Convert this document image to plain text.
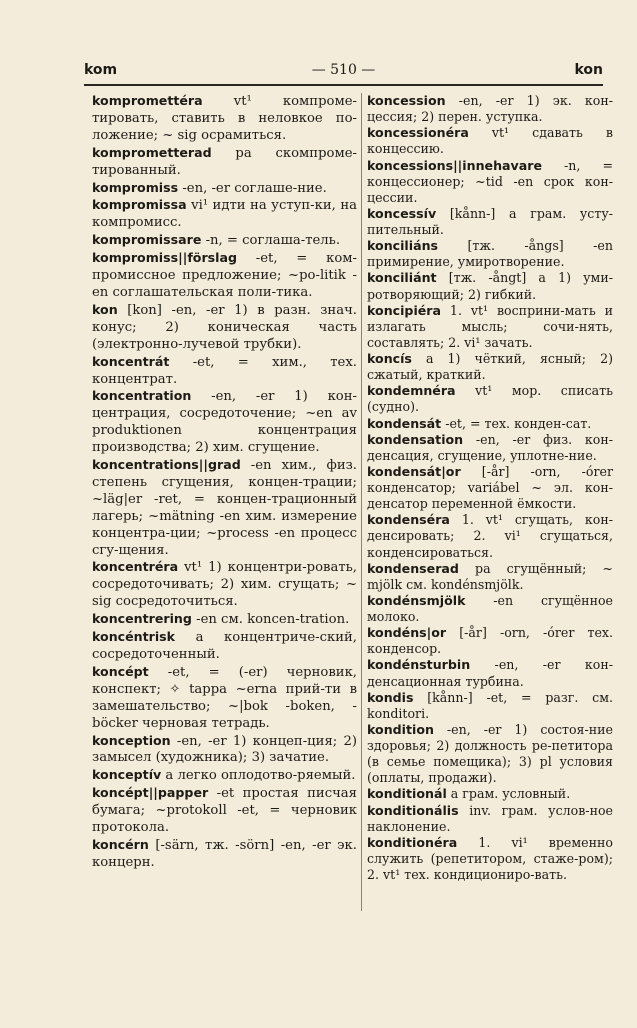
kom	— 510 —	kon

kompromettéra vt¹ компроме-тировать, ставить в неловкое по-ложение; ~ sig осрамиться.

komprometterad pa скомпроме-тированный.

kompromiss -en, -er соглаше-ние.

kompromissa vi¹ идти на уступ-ки, на компромисс.

kompromissare -n, = соглаша-тель.

kompromiss||förslag -et, = ком-промиссное предложение; ~po-litik -en соглашательская поли-тика.

kon [kon] -en, -er 1) в разн. знач. конус; 2) коническая часть (электронно-лучевой трубки).

koncentrát -et, = хим., тех. концентрат.

koncentration -en, -er 1) кон-центрация, сосредоточение; ~en av produktionen концентрация производства; 2) хим. сгущение.

koncentrations||grad -en хим., физ. степень сгущения, концен-трации; ~läg|er -ret, = концен-трационный лагерь; ~mätning -en хим. измерение концентра-ции; ~process -en процесс сгу-щения.

koncentréra vt¹ 1) концентри-ровать, сосредоточивать; 2) хим. сгущать; ~ sig сосредоточиться.

koncentrering -en см. koncen-tration.

koncéntrisk a концентриче-ский, сосредоточенный.

koncépt -et, = (-er) черновик, конспект; ✧ tappa ~erna прий-ти в замешательство; ~|bok -boken, -böcker черновая тетрадь.

konception -en, -er 1) концеп-ция; 2) замысел (художника); 3) зачатие.

konceptív a легко оплодотво-ряемый.

koncépt||papper -et простая писчая бумага; ~protokoll -et, = черновик протокола.

koncérn [-särn, тж. -sörn] -en, -er эк. концерн.

koncession -en, -er 1) эк. кон-цессия; 2) перен. уступка.

koncessionéra vt¹ сдавать в концессию.

koncessions||innehavare -n, = концессионер; ~tid -en срок кон-цессии.

koncessív [kånn-] a грам. усту-пительный.

konciliáns [тж. -ångs] -en примирение, умиротворение.

konciliánt [тж. -ångt] a 1) уми-ротворяющий; 2) гибкий.

koncipiéra 1. vt¹ восприни-мать и излагать мысль; сочи-нять, составлять; 2. vi¹ зачать.

koncís a 1) чёткий, ясный; 2) сжатый, краткий.

kondemnéra vt¹ мор. списать (судно).

kondensát -et, = тех. конден-сат.

kondensation -en, -er физ. кон-денсация, сгущение, уплотне-ние.

kondensát|or [-år] -orn, -órer конденсатор; variábel ~ эл. кон-денсатор переменной ёмкости.

kondenséra 1. vt¹ сгущать, кон-денсировать; 2. vi¹ сгущаться, конденсироваться.

kondenserad pa сгущённый; ~ mjölk см. kondénsmjölk.

kondénsmjölk -en сгущённое молоко.

kondéns|or [-år] -orn, -órer тех. конденсор.

kondénsturbin -en, -er кон-денсационная турбина.

kondis [kånn-] -et, = разг. см. konditori.

kondition -en, -er 1) состоя-ние здоровья; 2) должность ре-петитора (в семье помещика); 3) pl условия (оплаты, продажи).

konditionál a грам. условный.

konditionális inv. грам. услов-ное наклонение.

konditionéra 1. vi¹ временно служить (репетитором, стаже-ром); 2. vt¹ тех. кондициониро-вать.
